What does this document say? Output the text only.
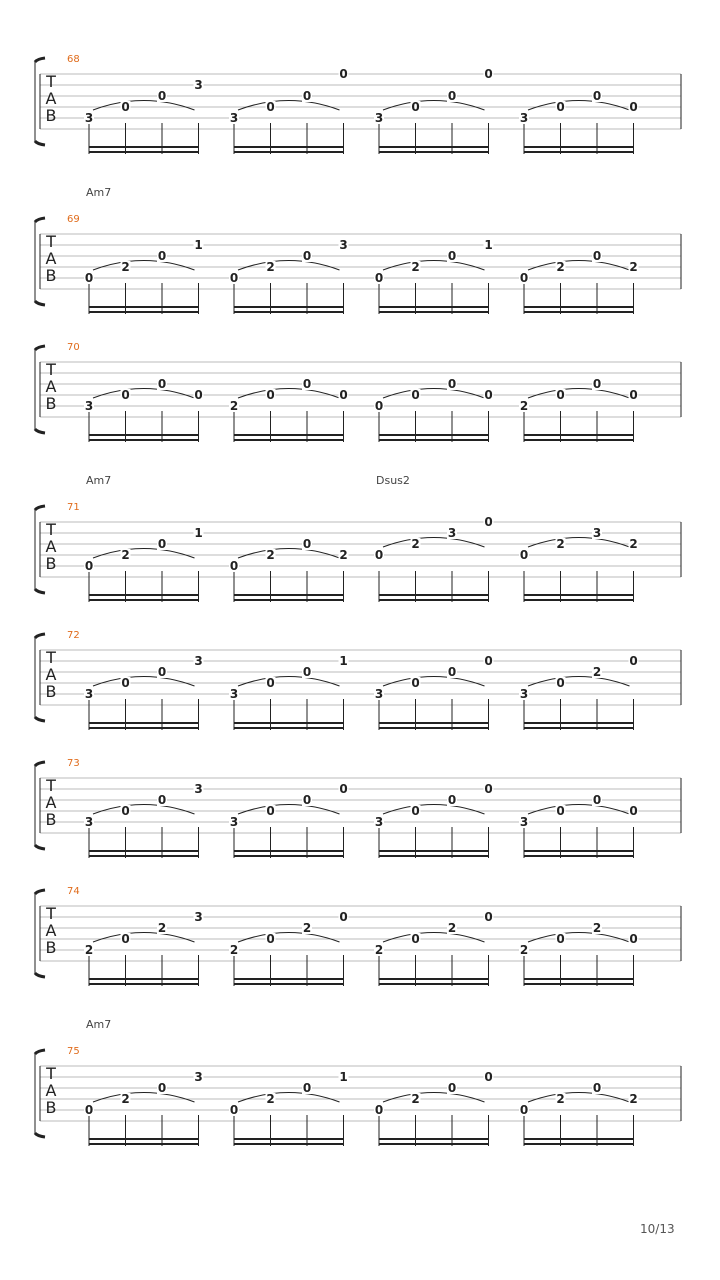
T
A
B
68
3
0
0
3
3
0
0
0
3
0
0
0
3
0
0
0
T
A
B
69
Am7
0
2
0
1
0
2
0
3
0
2
0
1
0
2
0
2
T
A
B
70
3
0
0
0
2
0
0
0
0
0
0
0
2
0
0
0
T
A
B
71
Am7	Dsus2
0
2
0
1
0
2
0
2 0
2
3
0
0
2
3
2
T
A
B
72
3
0
0
3
3
0
0
1
3
0
0
0
3
0
2
0
T
A
B
73
3
0
0
3
3
0
0
0
3
0
0
0
3
0
0
0
T
A
B
74
2
0
2
3
2
0
2
0
2
0
2
0
2
0
2
0
T
A
B
75
Am7
0
2
0
3
0
2
0
1
0
2
0
0
0
2
0
2
10/13
